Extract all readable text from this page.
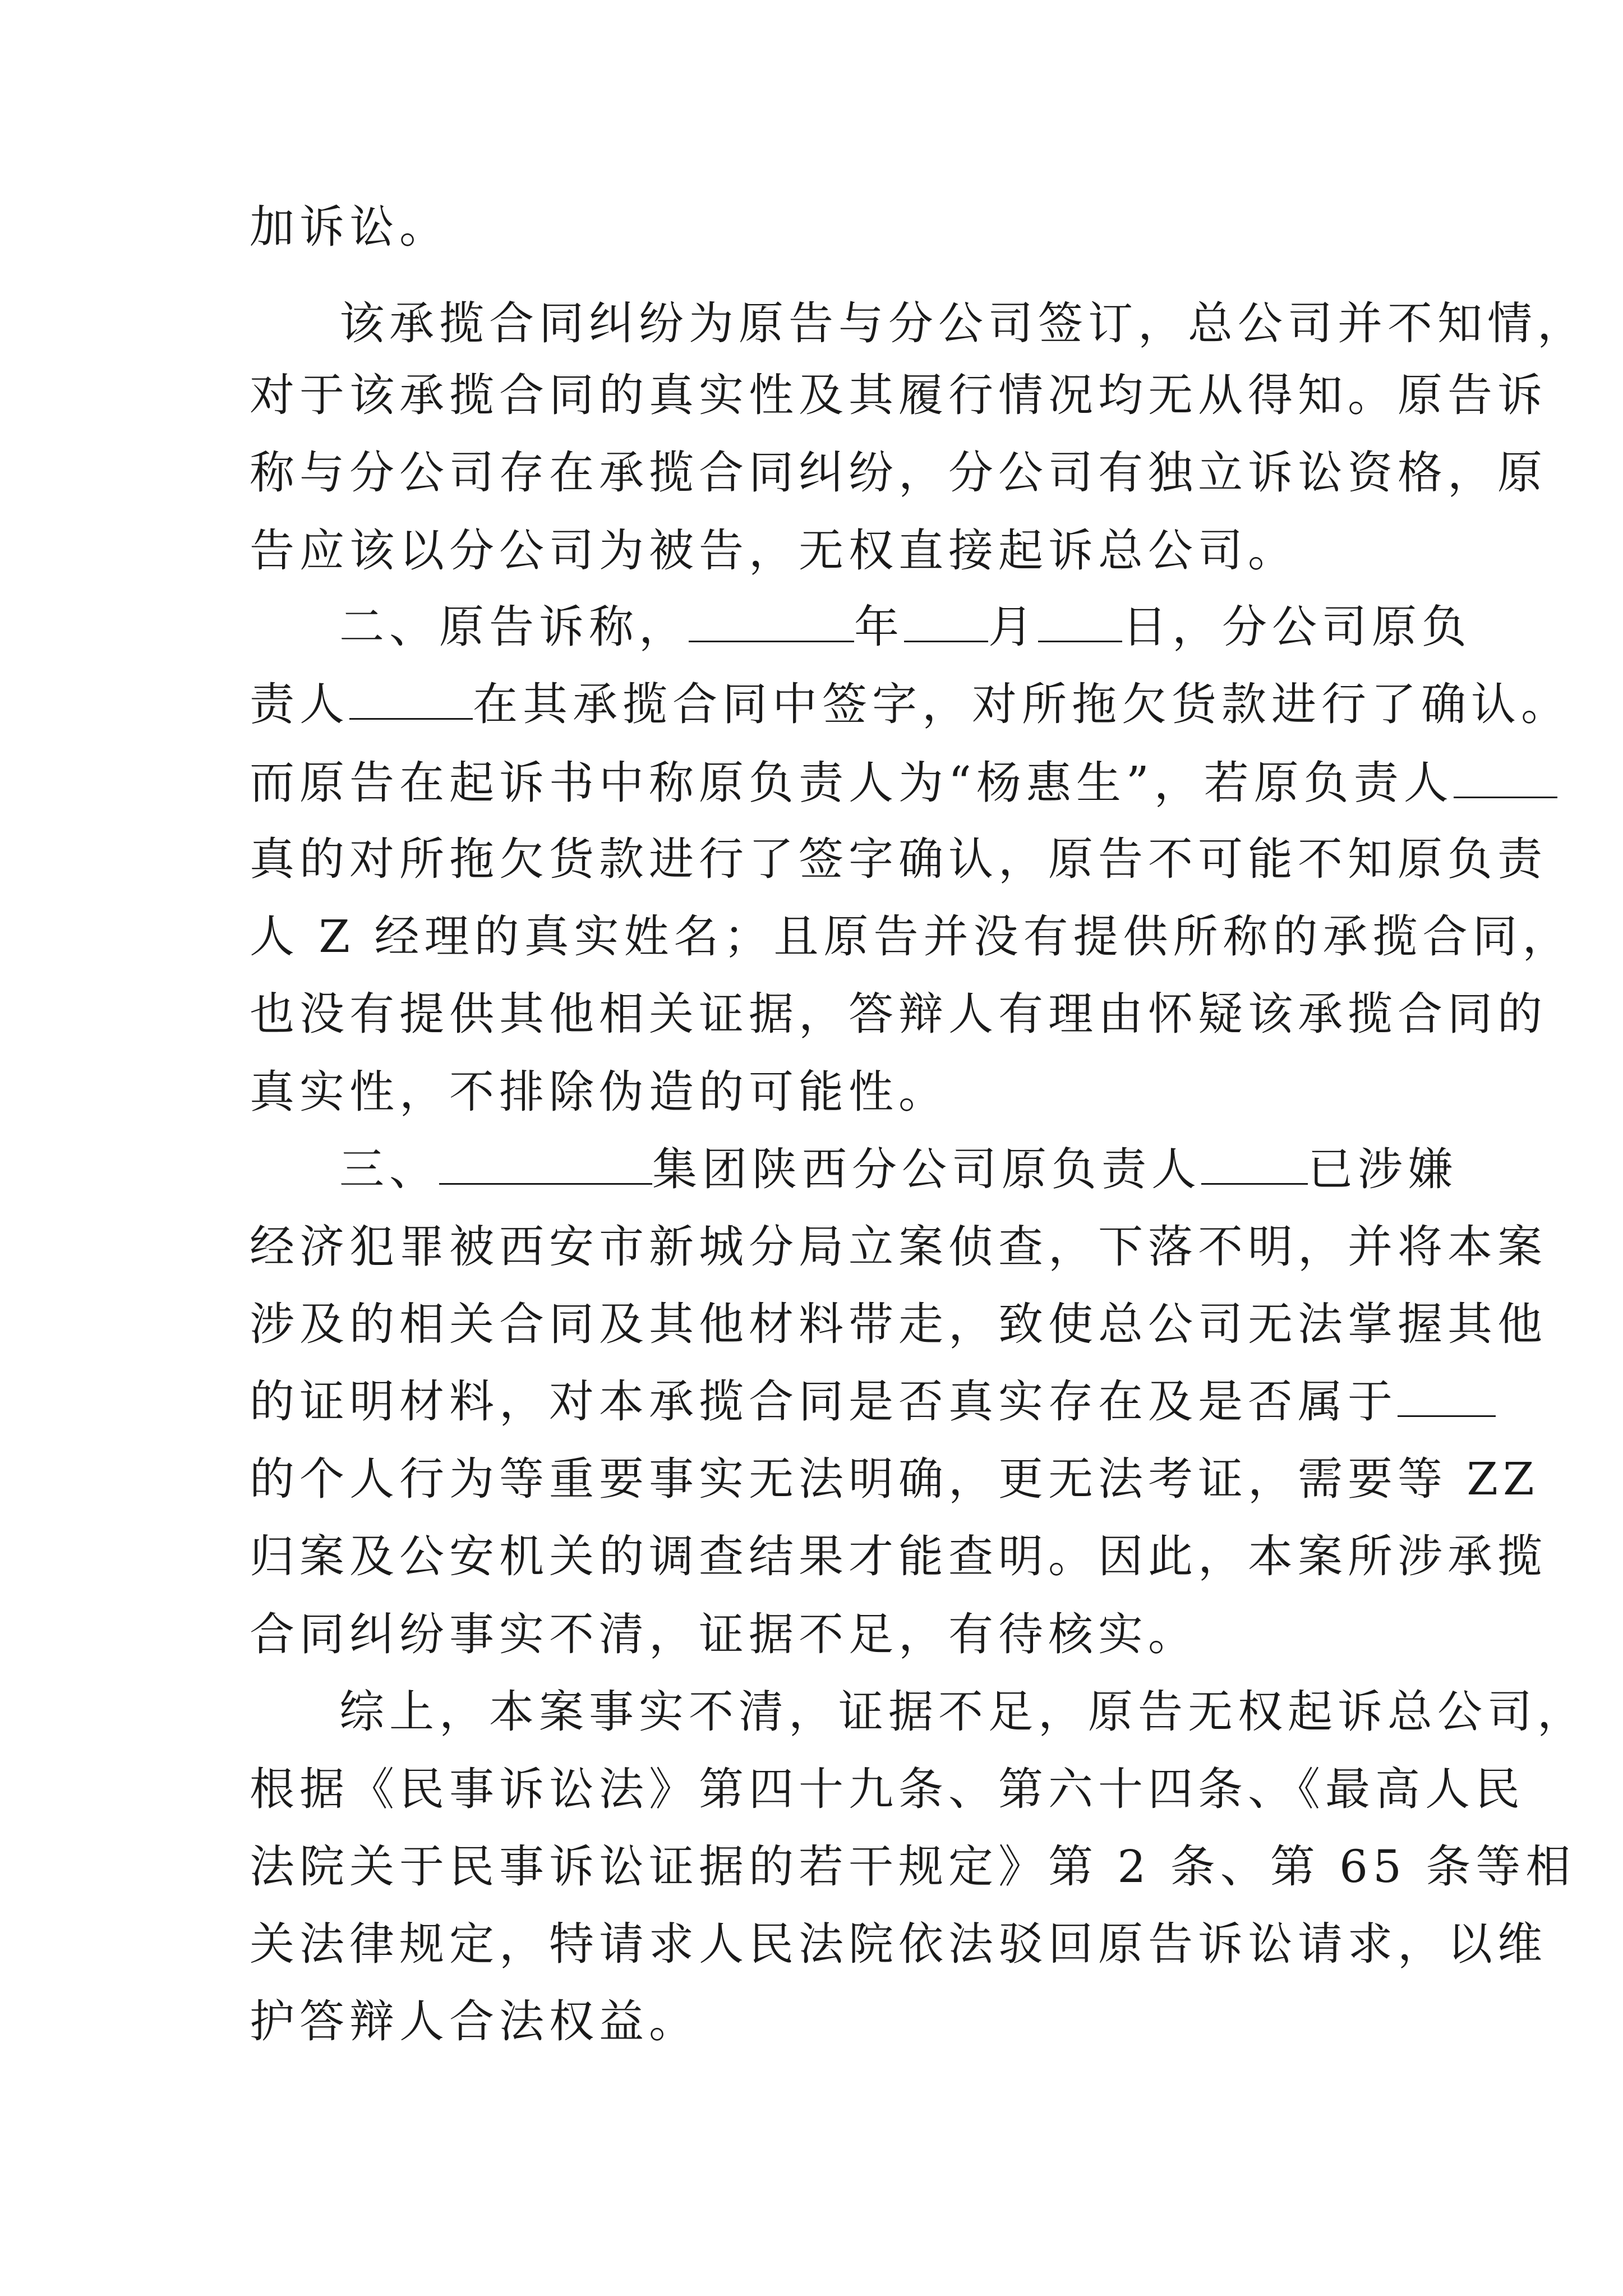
加诉讼。
该承揽合同纠纷为原告与分公司签订，总公司并不知情，
对于该承揽合同的真实性及其履行情况均无从得知。原告诉
称与分公司存在承揽合同纠纷，分公司有独立诉讼资格，原
告应该以分公司为被告，无权直接起诉总公司。
二、原告诉称，	年 月 日，分公司原负
责人	在其承揽合同中签字，对所拖欠货款进行了确认。
而原告在起诉书中称原负责人为“杨惠生”，若原负责人
真的对所拖欠货款进行了签字确认，原告不可能不知原负责
人 Z 经理的真实姓名；且原告并没有提供所称的承揽合同，
也没有提供其他相关证据，答辩人有理由怀疑该承揽合同的
真实性，不排除伪造的可能性。
三、	集团陕西分公司原负责人 已涉嫌
经济犯罪被西安市新城分局立案侦查，下落不明，并将本案
涉及的相关合同及其他材料带走，致使总公司无法掌握其他
的证明材料，对本承揽合同是否真实存在及是否属于
的个人行为等重要事实无法明确，更无法考证，需要等 ZZ
归案及公安机关的调查结果才能查明。因此，本案所涉承揽
合同纠纷事实不清，证据不足，有待核实。
综上，本案事实不清，证据不足，原告无权起诉总公司，
根据《民事诉讼法》第四十九条、第六十四条、《最高人民
法院关于民事诉讼证据的若干规定》第 2 条、第 65 条等相
关法律规定，特请求人民法院依法驳回原告诉讼请求，以维
护答辩人合法权益。
